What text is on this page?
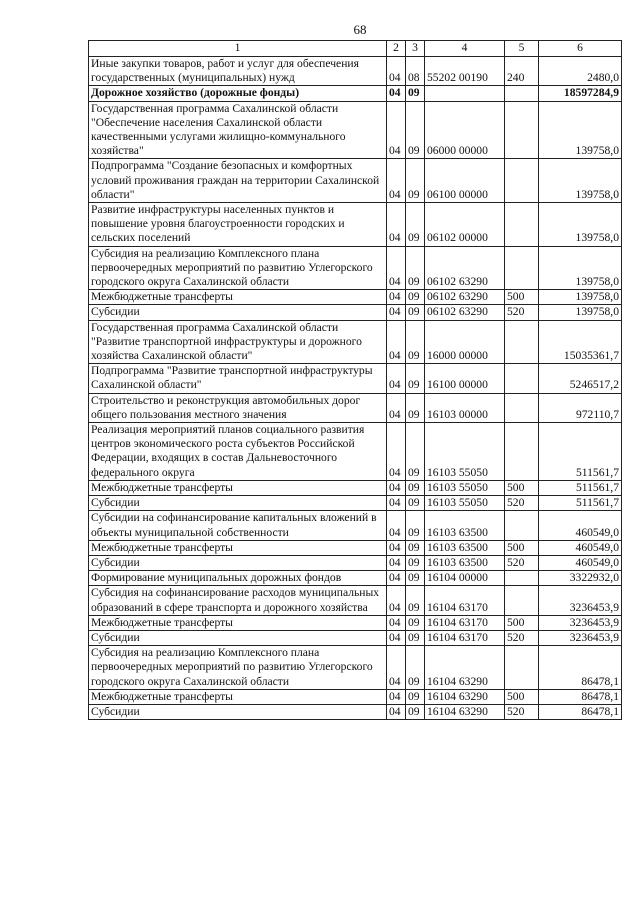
68
1	2	3	4	5	6
Иные закупки товаров, работ и услуг для обеспечения государственных (муниципальных) нужд	04	08	55202 00190	240	2480,0
Дорожное хозяйство (дорожные фонды)	04	09			18597284,9
Государственная программа Сахалинской области "Обеспечение населения Сахалинской области качественными услугами жилищно-коммунального хозяйства"	04	09	06000 00000		139758,0
Подпрограмма "Создание безопасных и комфортных условий проживания граждан на территории Сахалинской области"	04	09	06100 00000		139758,0
Развитие инфраструктуры населенных пунктов и повышение уровня благоустроенности городских и сельских поселений	04	09	06102 00000		139758,0
Субсидия на реализацию Комплексного плана первоочередных мероприятий по развитию Углегорского городского округа Сахалинской области	04	09	06102 63290		139758,0
Межбюджетные трансферты	04	09	06102 63290	500	139758,0
Субсидии	04	09	06102 63290	520	139758,0
Государственная программа Сахалинской области "Развитие транспортной инфраструктуры и дорожного хозяйства Сахалинской области"	04	09	16000 00000		15035361,7
Подпрограмма "Развитие транспортной инфраструктуры Сахалинской области"	04	09	16100 00000		5246517,2
Строительство и реконструкция автомобильных дорог общего пользования местного значения	04	09	16103 00000		972110,7
Реализация мероприятий планов социального развития центров экономического роста субъектов Российской Федерации, входящих в состав Дальневосточного федерального округа	04	09	16103 55050		511561,7
Межбюджетные трансферты	04	09	16103 55050	500	511561,7
Субсидии	04	09	16103 55050	520	511561,7
Субсидии на софинансирование капитальных вложений в объекты муниципальной собственности	04	09	16103 63500		460549,0
Межбюджетные трансферты	04	09	16103 63500	500	460549,0
Субсидии	04	09	16103 63500	520	460549,0
Формирование муниципальных дорожных фондов	04	09	16104 00000		3322932,0
Субсидия на софинансирование расходов муниципальных образований в сфере транспорта и дорожного хозяйства	04	09	16104 63170		3236453,9
Межбюджетные трансферты	04	09	16104 63170	500	3236453,9
Субсидии	04	09	16104 63170	520	3236453,9
Субсидия на реализацию Комплексного плана первоочередных мероприятий по развитию Углегорского городского округа Сахалинской области	04	09	16104 63290		86478,1
Межбюджетные трансферты	04	09	16104 63290	500	86478,1
Субсидии	04	09	16104 63290	520	86478,1
